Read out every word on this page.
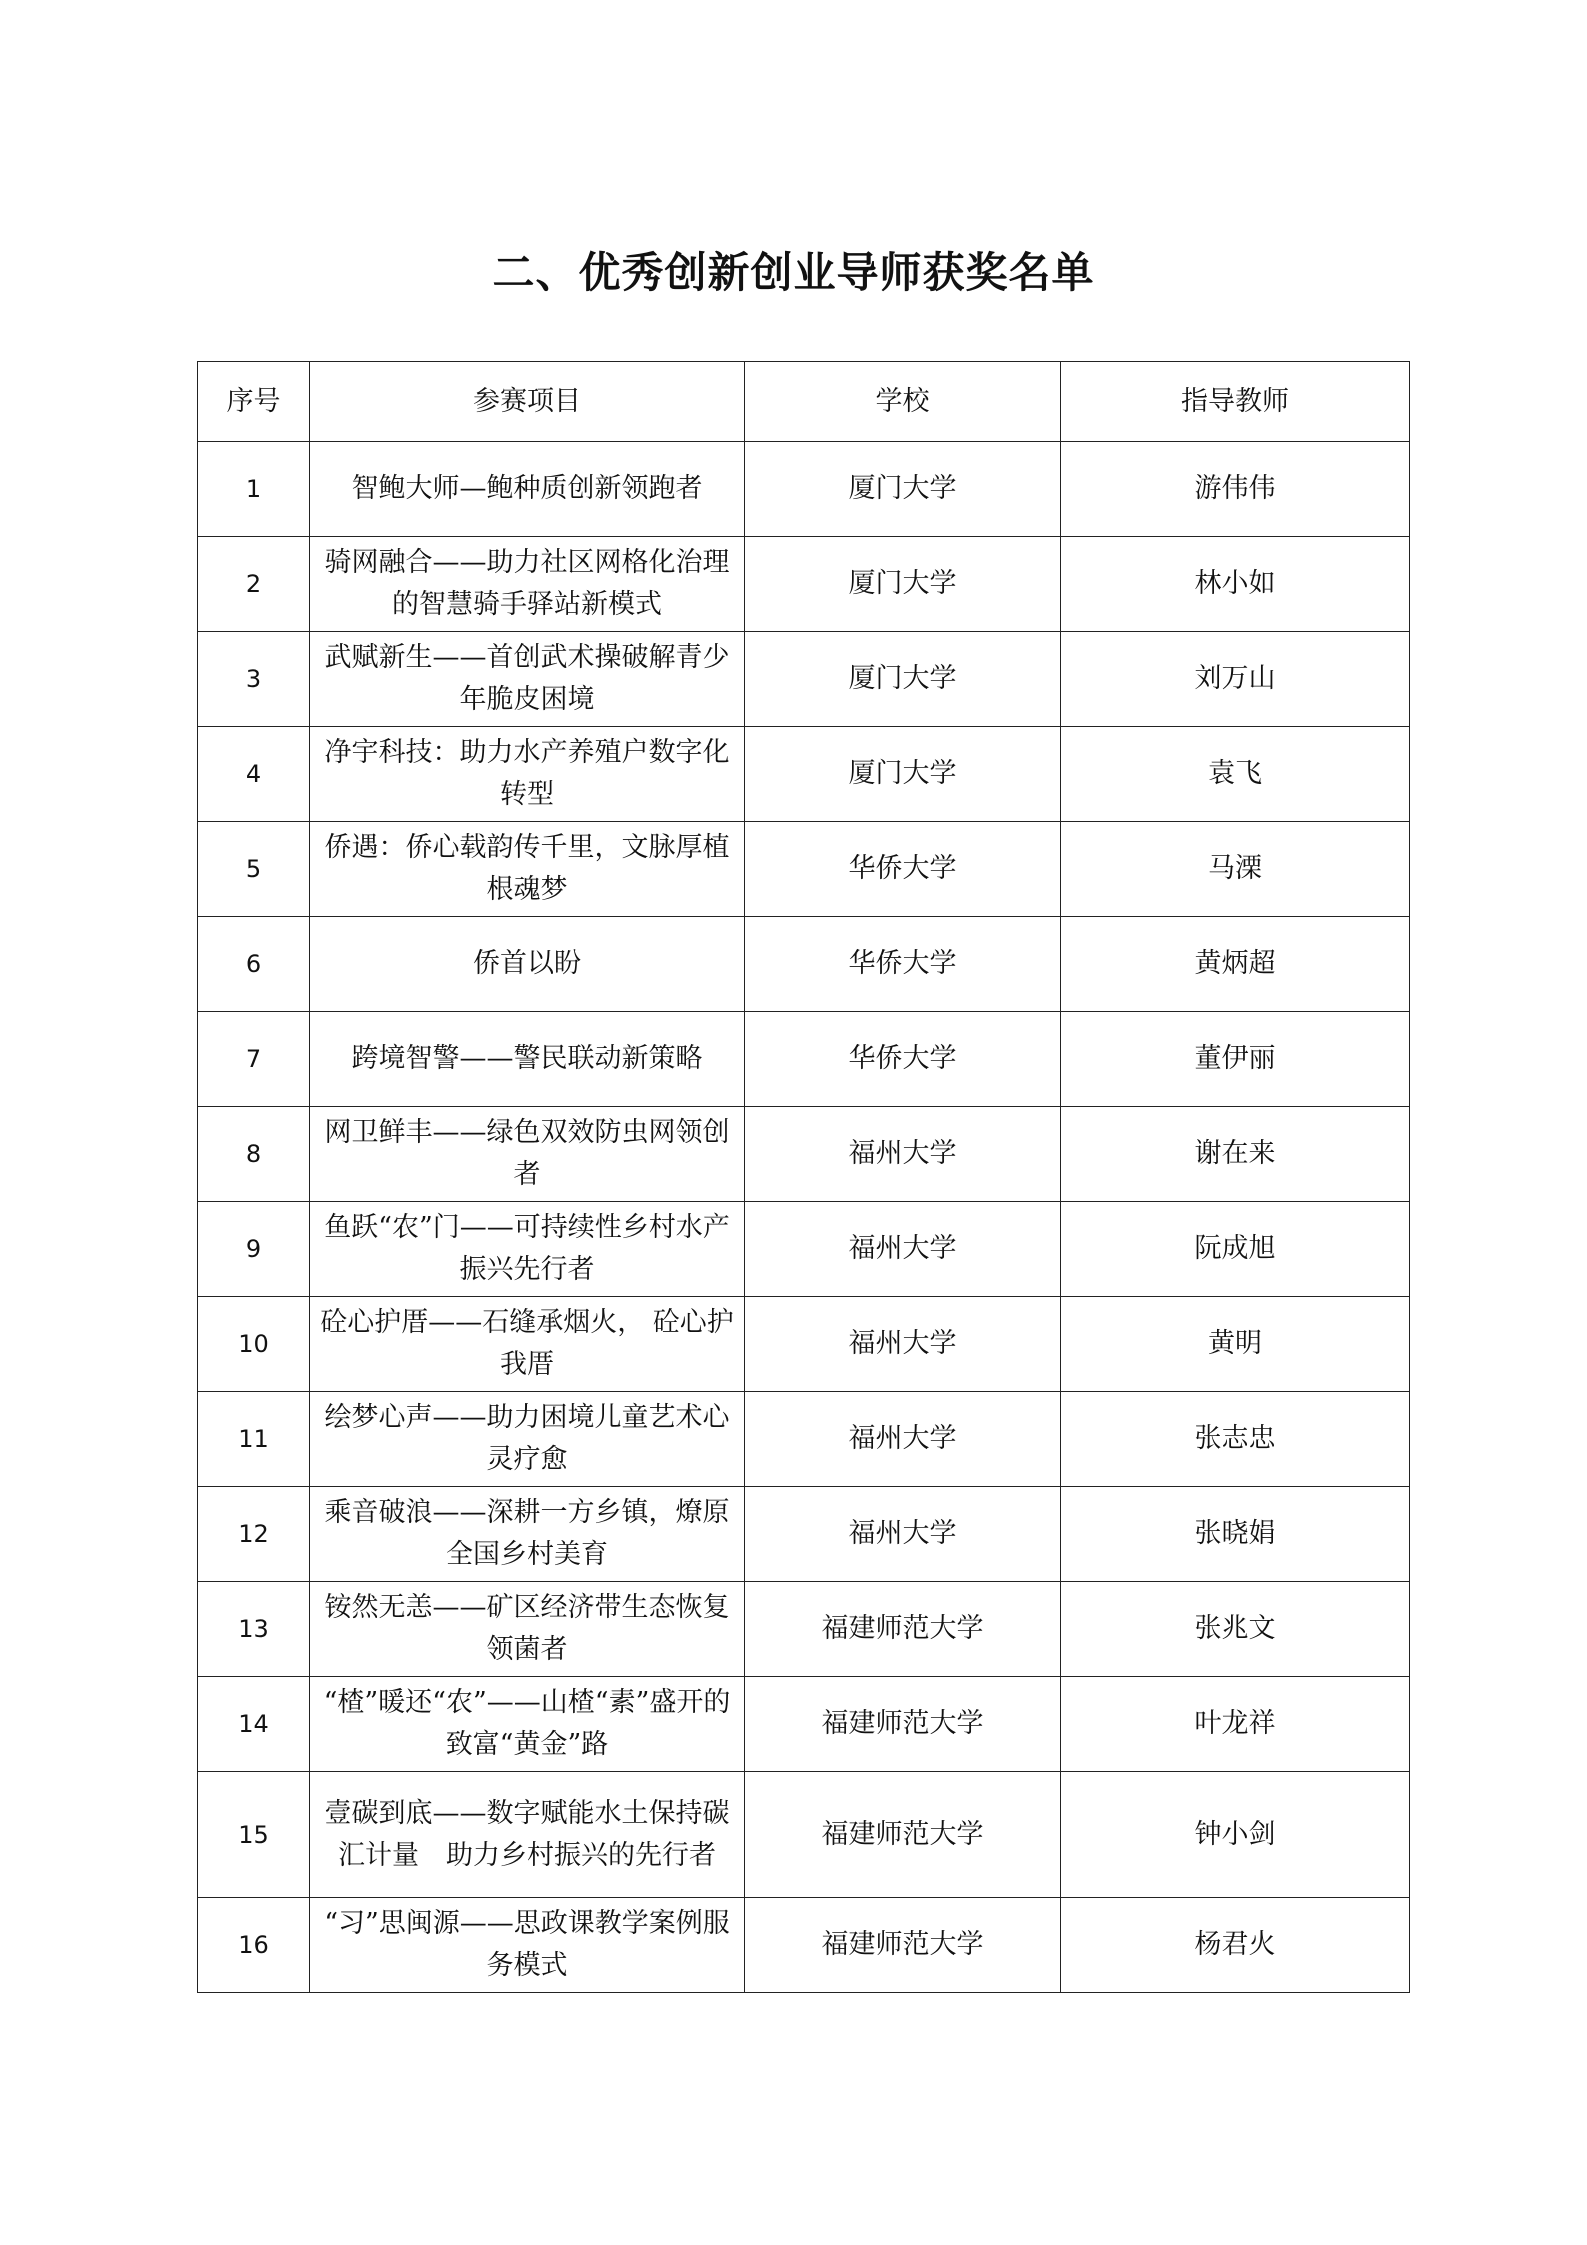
二、优秀创新创业导师获奖名单
序号	参赛项目	学校	指导教师
1	智鲍大师—鲍种质创新领跑者	厦门大学	游伟伟
2	骑网融合——助力社区网格化治理的智慧骑手驿站新模式	厦门大学	林小如
3	武赋新生——首创武术操破解青少年脆皮困境	厦门大学	刘万山
4	净宇科技：助力水产养殖户数字化转型	厦门大学	袁飞
5	侨遇：侨心载韵传千里，文脉厚植根魂梦	华侨大学	马溧
6	侨首以盼	华侨大学	黄炳超
7	跨境智警——警民联动新策略	华侨大学	董伊丽
8	网卫鲜丰——绿色双效防虫网领创者	福州大学	谢在来
9	鱼跃“农”门——可持续性乡村水产振兴先行者	福州大学	阮成旭
10	砼心护厝——石缝承烟火， 砼心护我厝	福州大学	黄明
11	绘梦心声——助力困境儿童艺术心灵疗愈	福州大学	张志忠
12	乘音破浪——深耕一方乡镇，燎原全国乡村美育	福州大学	张晓娟
13	铵然无恙——矿区经济带生态恢复领菌者	福建师范大学	张兆文
14	“楂”暖还“农”——山楂“素”盛开的致富“黄金”路	福建师范大学	叶龙祥
15	壹碳到底——数字赋能水土保持碳汇计量　助力乡村振兴的先行者	福建师范大学	钟小剑
16	“习”思闽源——思政课教学案例服务模式	福建师范大学	杨君火
